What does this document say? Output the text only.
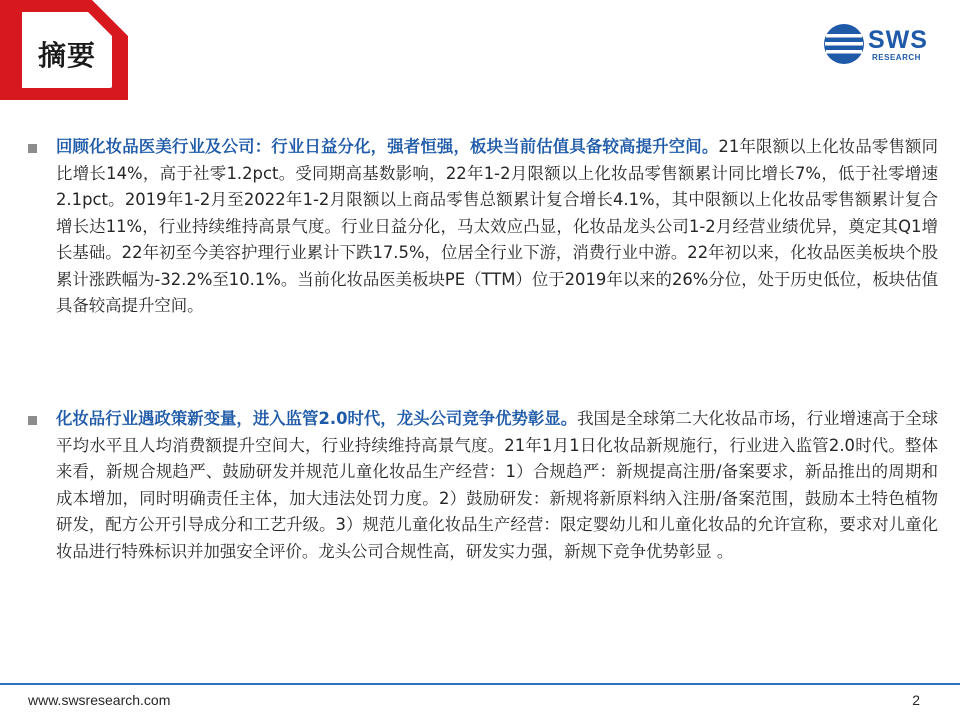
摘要	SWS
RESEARCH
回顾化妆品医美行业及公司：行业日益分化，强者恒强，板块当前估值具备较高提升空间。21年限额以上化妆品零售额同比增长14%，高于社零1.2pct。受同期高基数影响，22年1-2月限额以上化妆品零售额累计同比增长7%，低于社零增速2.1pct。2019年1-2月至2022年1-2月限额以上商品零售总额累计复合增长4.1%，其中限额以上化妆品零售额累计复合增长达11%，行业持续维持高景气度。行业日益分化，马太效应凸显，化妆品龙头公司1-2月经营业绩优异，奠定其Q1增长基础。22年初至今美容护理行业累计下跌17.5%，位居全行业下游，消费行业中游。22年初以来，化妆品医美板块个股累计涨跌幅为-32.2%至10.1%。当前化妆品医美板块PE（TTM）位于2019年以来的26%分位，处于历史低位，板块估值具备较高提升空间。
化妆品行业遇政策新变量，进入监管2.0时代，龙头公司竞争优势彰显。我国是全球第二大化妆品市场，行业增速高于全球平均水平且人均消费额提升空间大，行业持续维持高景气度。21年1月1日化妆品新规施行，行业进入监管2.0时代。整体来看，新规合规趋严、鼓励研发并规范儿童化妆品生产经营：1）合规趋严：新规提高注册/备案要求，新品推出的周期和成本增加，同时明确责任主体，加大违法处罚力度。2）鼓励研发：新规将新原料纳入注册/备案范围，鼓励本土特色植物研发，配方公开引导成分和工艺升级。3）规范儿童化妆品生产经营：限定婴幼儿和儿童化妆品的允许宣称，要求对儿童化妆品进行特殊标识并加强安全评价。龙头公司合规性高，研发实力强，新规下竞争优势彰显 。
www.swsresearch.com	2
